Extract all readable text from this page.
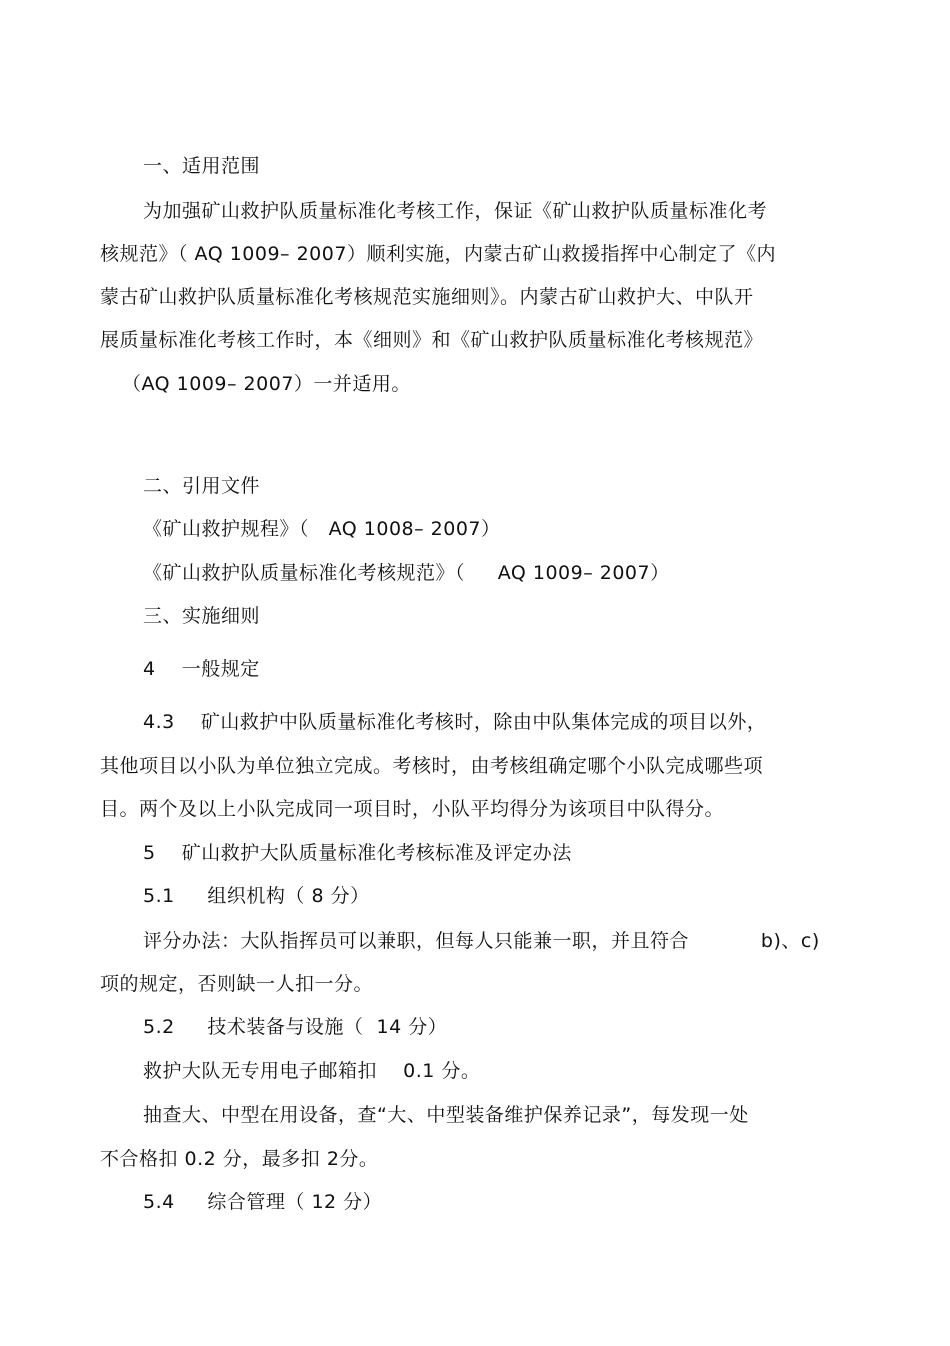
一、适用范围
为加强矿山救护队质量标准化考核工作，保证《矿山救护队质量标准化考
核规范》（ AQ 1009– 2007）顺利实施，内蒙古矿山救援指挥中心制定了《内
蒙古矿山救护队质量标准化考核规范实施细则》。内蒙古矿山救护大、中队开
展质量标准化考核工作时，本《细则》和《矿山救护队质量标准化考核规范》
（AQ 1009– 2007）一并适用。
二、引用文件
《矿山救护规程》（   AQ 1008– 2007）
《矿山救护队质量标准化考核规范》（     AQ 1009– 2007）
三、实施细则
4    一般规定
4.3    矿山救护中队质量标准化考核时，除由中队集体完成的项目以外，
其他项目以小队为单位独立完成。考核时，由考核组确定哪个小队完成哪些项
目。两个及以上小队完成同一项目时，小队平均得分为该项目中队得分。
5    矿山救护大队质量标准化考核标准及评定办法
5.1     组织机构（ 8 分）
评分办法：大队指挥员可以兼职，但每人只能兼一职，并且符合           b)、c)
项的规定，否则缺一人扣一分。
5.2     技术装备与设施（  14 分）
救护大队无专用电子邮箱扣    0.1 分。
抽查大、中型在用设备，查“大、中型装备维护保养记录”，每发现一处
不合格扣 0.2 分，最多扣 2分。
5.4     综合管理（ 12 分）
